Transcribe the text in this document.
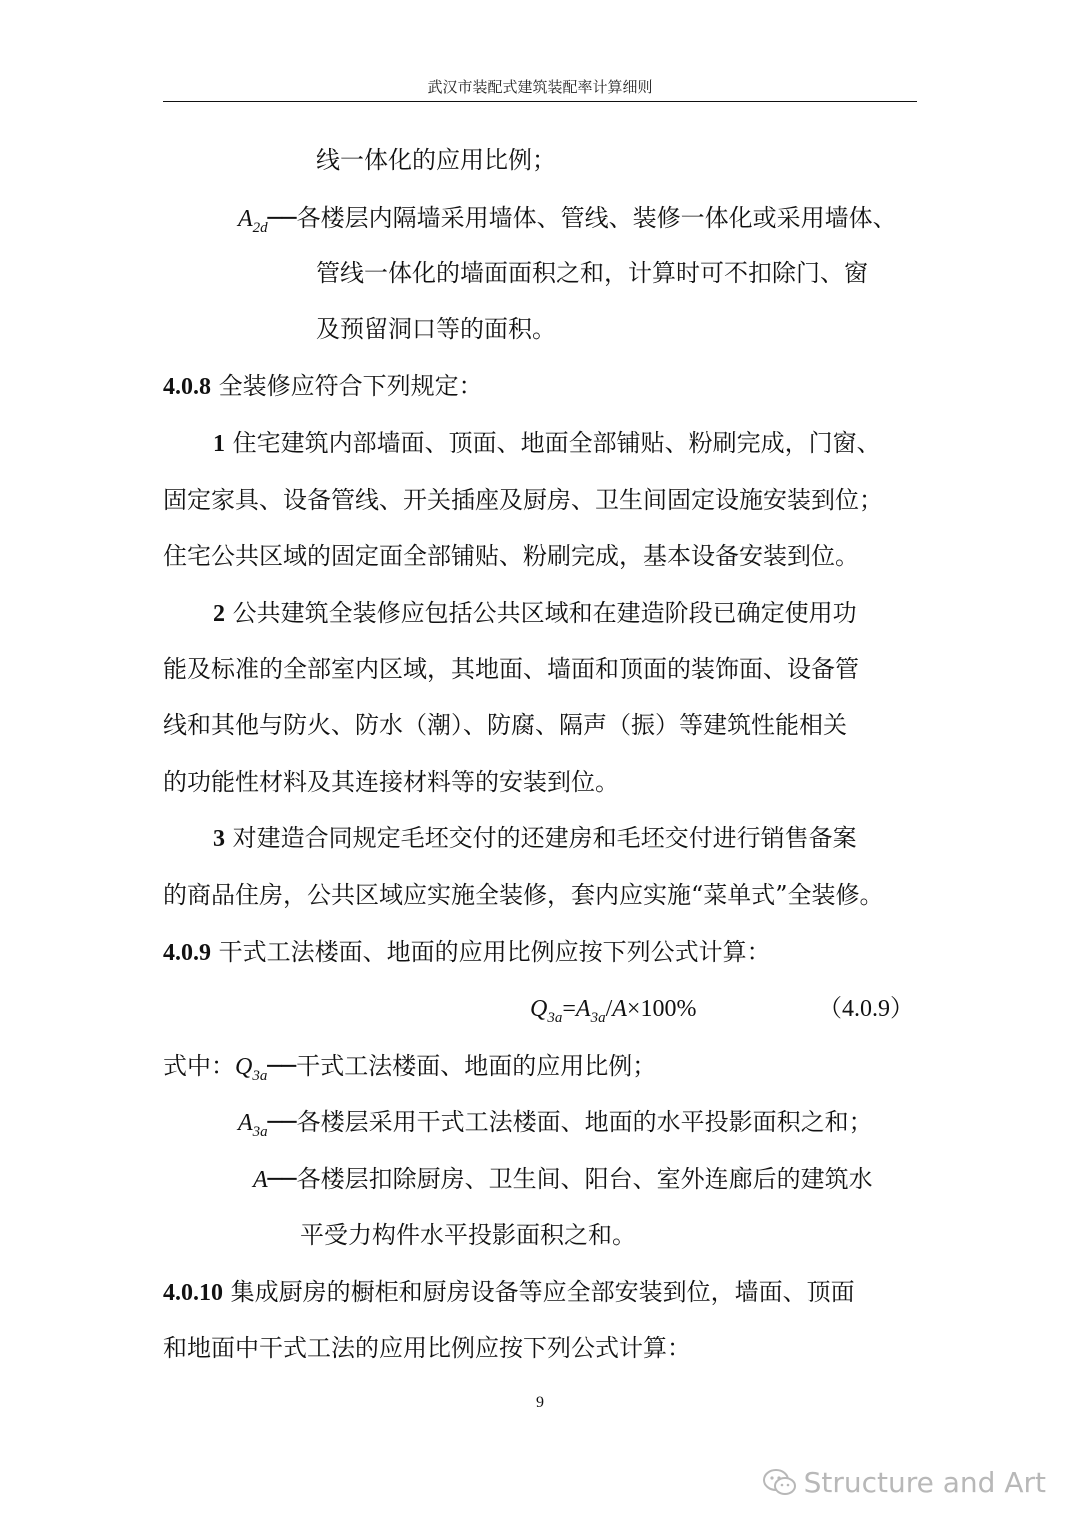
武汉市装配式建筑装配率计算细则
线一体化的应用比例；
$A_{2d}──$各楼层内隔墙采用墙体、管线、装修一体化或采用墙体、
管线一体化的墙面面积之和，计算时可不扣除门、窗
及预留洞口等的面积。
4.0.8 全装修应符合下列规定：
1 住宅建筑内部墙面、顶面、地面全部铺贴、粉刷完成，门窗、
固定家具、设备管线、开关插座及厨房、卫生间固定设施安装到位；
住宅公共区域的固定面全部铺贴、粉刷完成，基本设备安装到位。
2 公共建筑全装修应包括公共区域和在建造阶段已确定使用功
能及标准的全部室内区域，其地面、墙面和顶面的装饰面、设备管
线和其他与防火、防水（潮）、防腐、隔声（振）等建筑性能相关
的功能性材料及其连接材料等的安装到位。
3 对建造合同规定毛坯交付的还建房和毛坯交付进行销售备案
的商品住房，公共区域应实施全装修，套内应实施“菜单式”全装修。
4.0.9 干式工法楼面、地面的应用比例应按下列公式计算：
$Q_{3a}=A_{3a}/A\times 100\%$	（4.0.9）
式中：$Q_{3a}──$干式工法楼面、地面的应用比例；
$A_{3a}──$各楼层采用干式工法楼面、地面的水平投影面积之和；
A──各楼层扣除厨房、卫生间、阳台、室外连廊后的建筑水
平受力构件水平投影面积之和。
4.0.10 集成厨房的橱柜和厨房设备等应全部安装到位，墙面、顶面
和地面中干式工法的应用比例应按下列公式计算：
9
Structure and Art
